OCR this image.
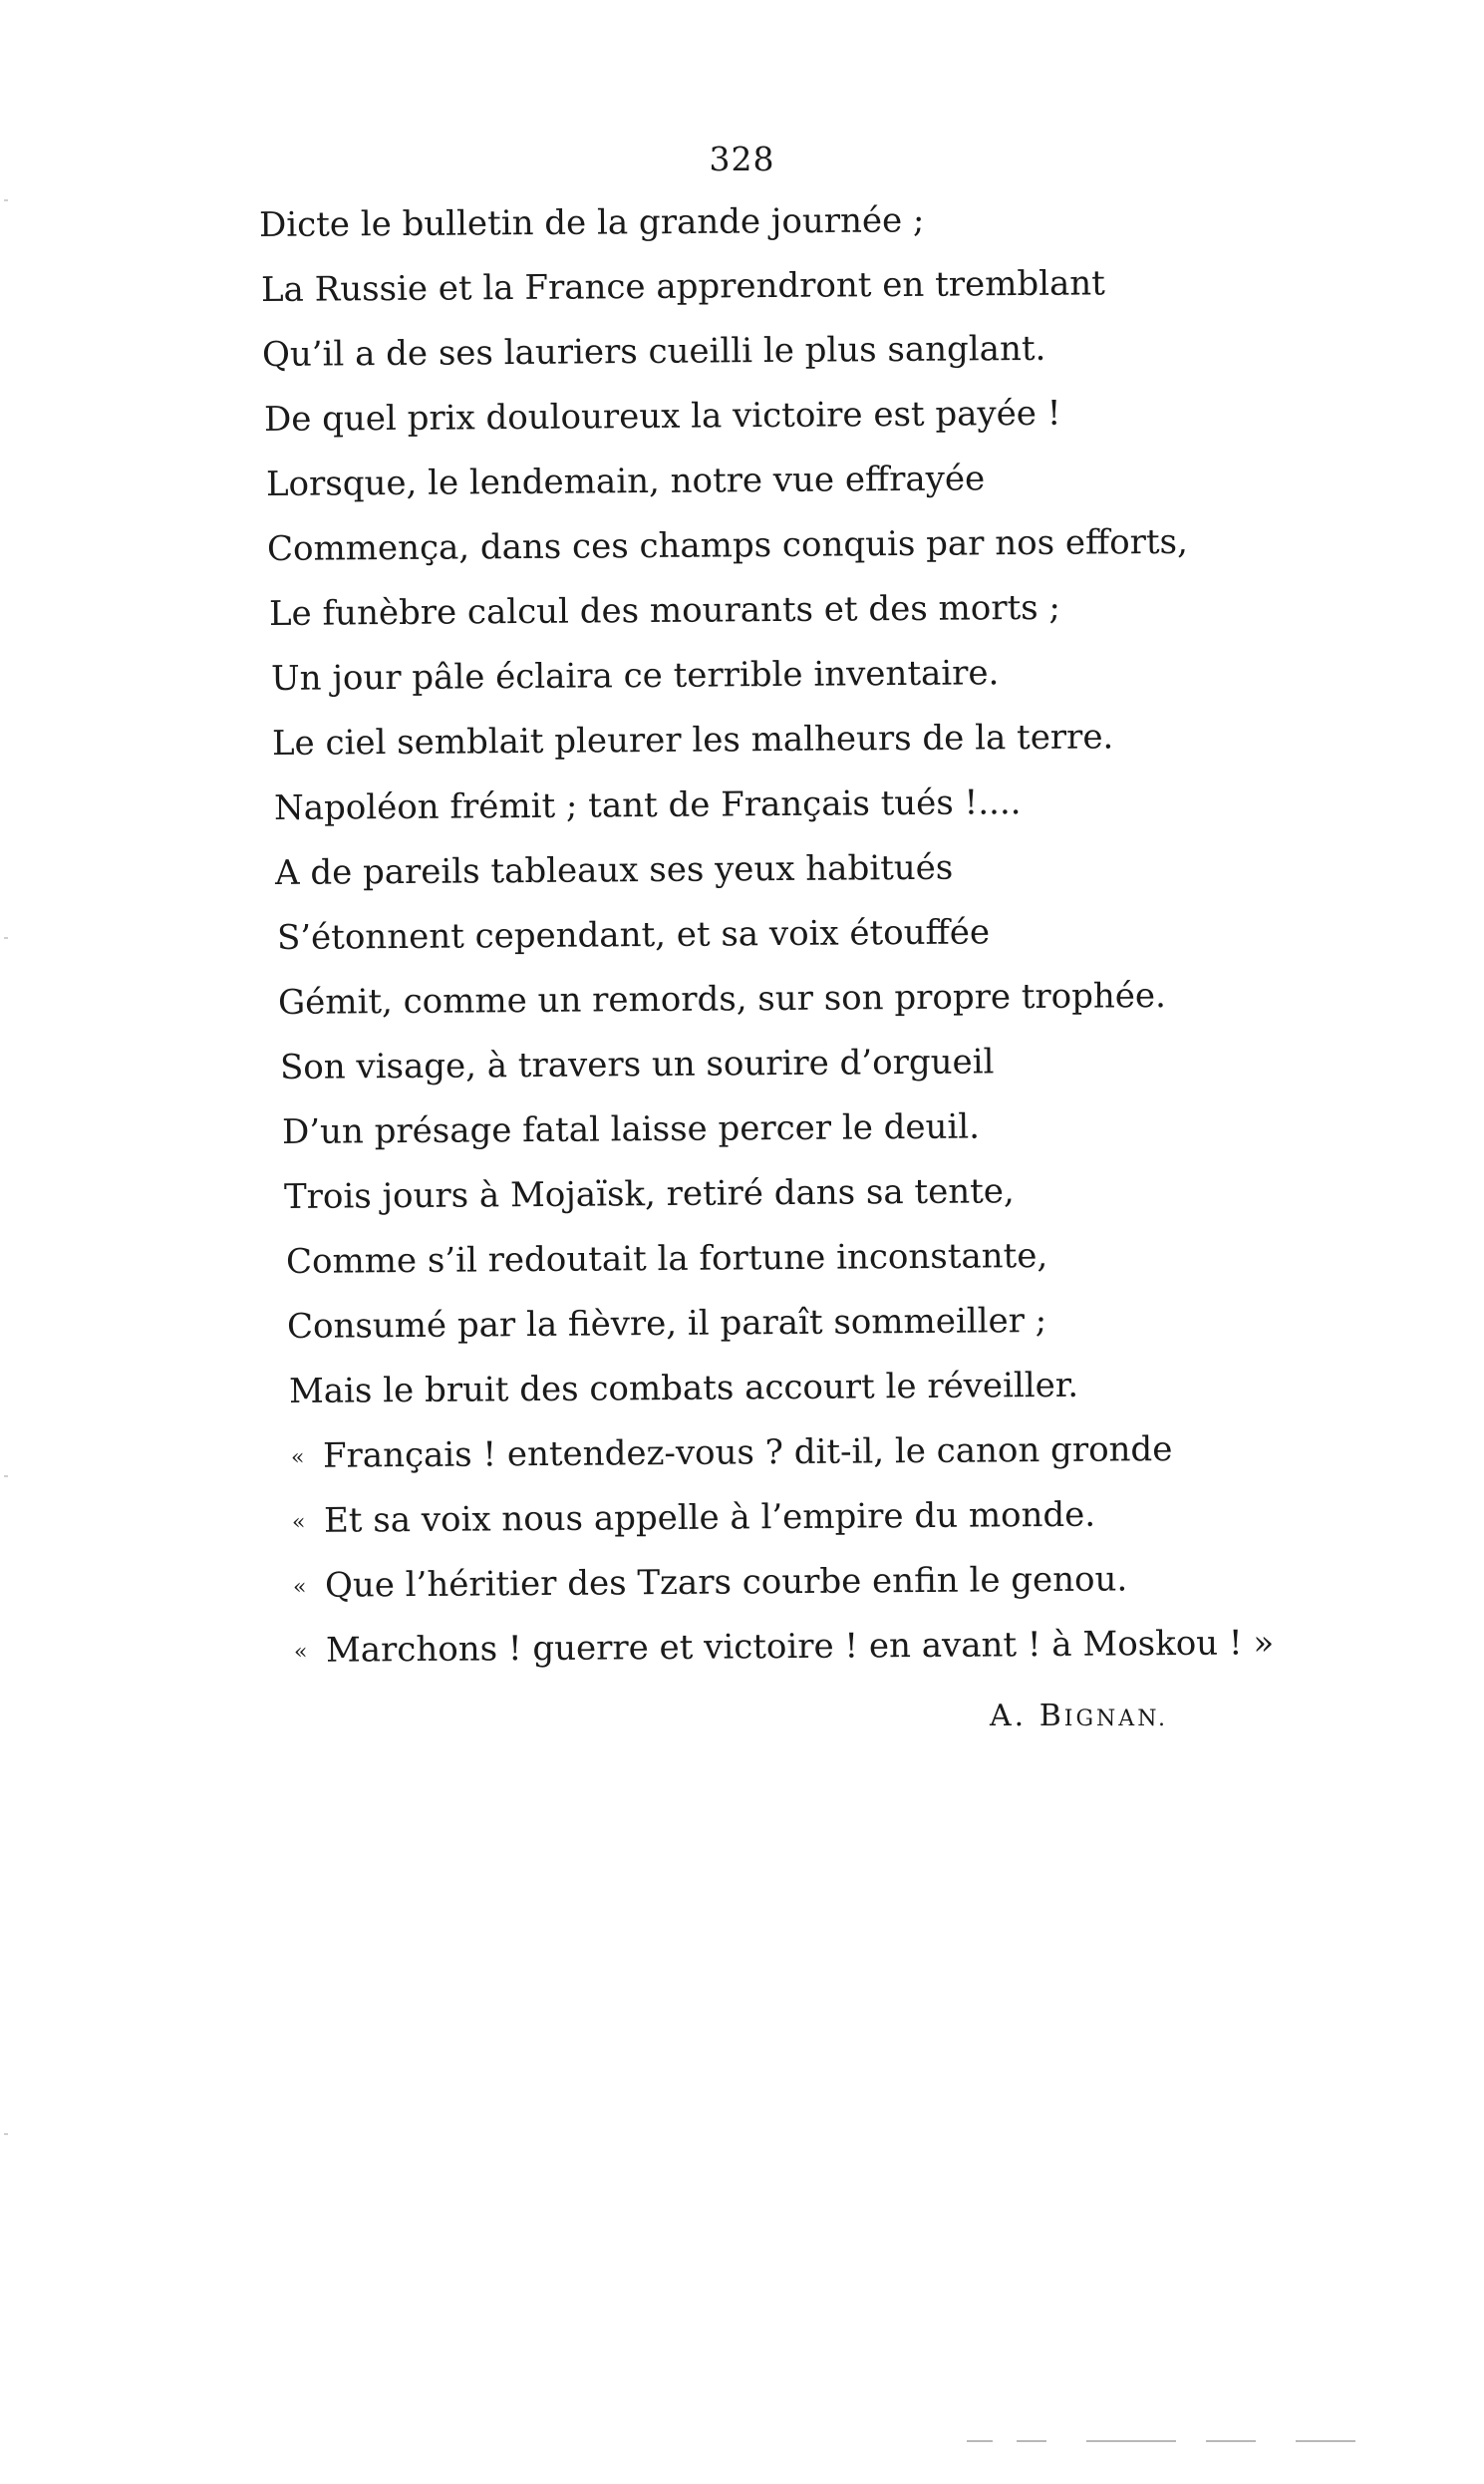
328
Dicte le bulletin de la grande journée ;
La Russie et la France apprendront en tremblant
Qu’il a de ses lauriers cueilli le plus sanglant.
De quel prix douloureux la victoire est payée !
Lorsque, le lendemain, notre vue effrayée
Commença, dans ces champs conquis par nos efforts,
Le funèbre calcul des mourants et des morts ;
Un jour pâle éclaira ce terrible inventaire.
Le ciel semblait pleurer les malheurs de la terre.
Napoléon frémit ; tant de Français tués !....
A de pareils tableaux ses yeux habitués
S’étonnent cependant, et sa voix étouffée
Gémit, comme un remords, sur son propre trophée.
Son visage, à travers un sourire d’orgueil
D’un présage fatal laisse percer le deuil.
Trois jours à Mojaïsk, retiré dans sa tente,
Comme s’il redoutait la fortune inconstante,
Consumé par la fièvre, il paraît sommeiller ;
Mais le bruit des combats accourt le réveiller.
« Français ! entendez-vous ? dit-il, le canon gronde
« Et sa voix nous appelle à l’empire du monde.
« Que l’héritier des Tzars courbe enfin le genou.
« Marchons ! guerre et victoire ! en avant ! à Moskou ! »
A. BIGNAN.
